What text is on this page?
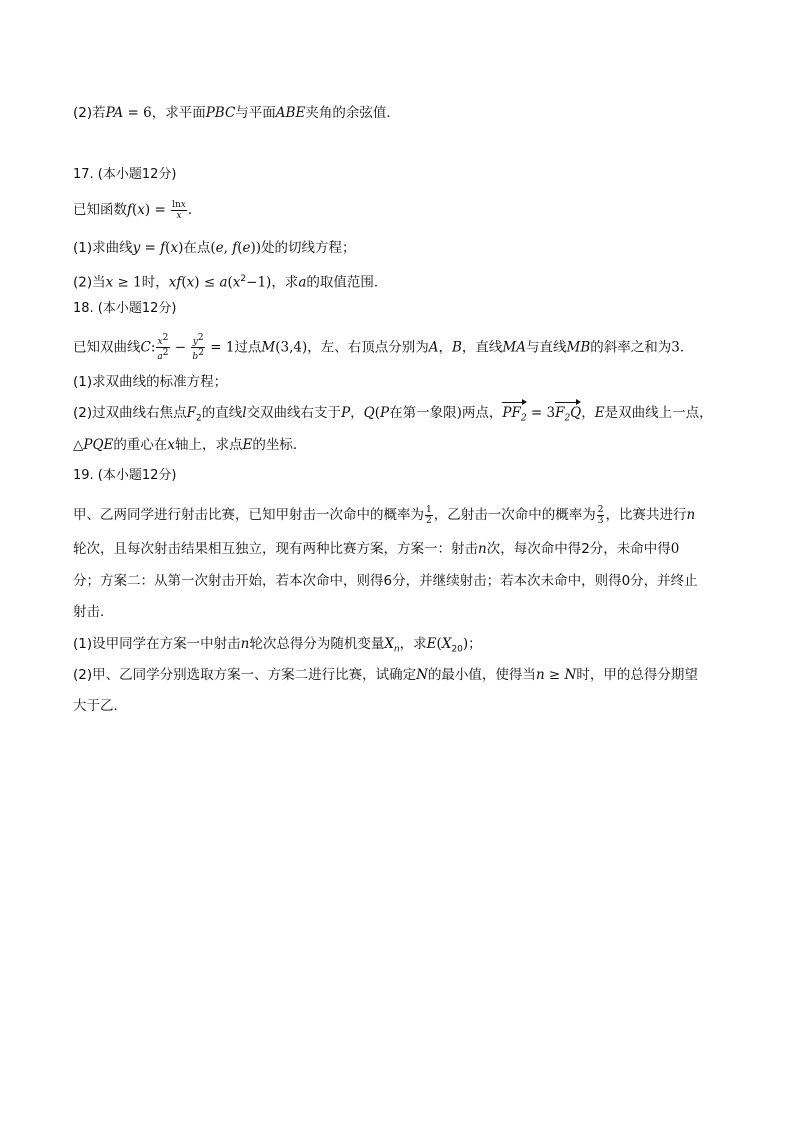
(2)若PA = 6，求平面PBC与平面ABE夹角的余弦值．
17. (本小题12分)
已知函数$f(x) = \frac{\ln x}{x}$ ．
(1)求曲线y = f(x)在点(e, f(e))处的切线方程；
(2)当x ≥ 1时，$xf(x) \le a(x^2-1)$，求a的取值范围．
18. (本小题12分)
已知双曲线C: $\frac{x^2}{a^2} - \frac{y^2}{b^2} = 1$过点M(3,4)，左、右顶点分别为A，B，直线MA与直线MB的斜率之和为3．
(1)求双曲线的标准方程；
(2)过双曲线右焦点$F_2$的直线l交双曲线右支于P，Q(P在第一象限)两点，$PF_2 = 3F_2Q$，E是双曲线上一点，
△PQE的重心在x轴上，求点E的坐标．
19. (本小题12分)
甲、乙两同学进行射击比赛，已知甲射击一次命中的概率为 $\frac{1}{2}$ ，乙射击一次命中的概率为 $\frac{2}{3}$ ，比赛共进行n
轮次，且每次射击结果相互独立，现有两种比赛方案，方案一：射击n次，每次命中得2分，未命中得0
分；方案二：从第一次射击开始，若本次命中，则得6分，并继续射击；若本次未命中，则得0分，并终止
射击．
(1)设甲同学在方案一中射击n轮次总得分为随机变量$X_n$，求$E(X_{20})$；
(2)甲、乙同学分别选取方案一、方案二进行比赛，试确定N的最小值，使得当n ≥ N时，甲的总得分期望
大于乙．
